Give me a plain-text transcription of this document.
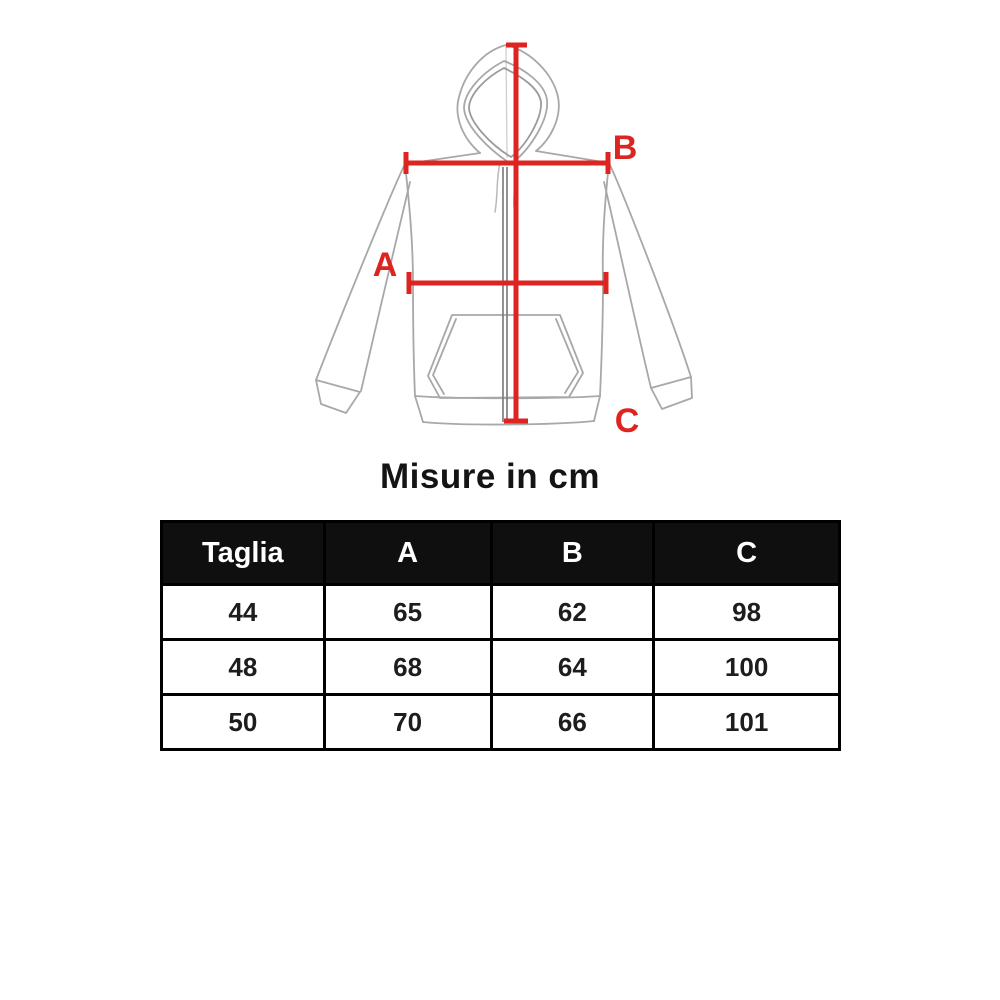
A
B
C
Misure in cm
Taglia	A	B	C
44	65	62	98
48	68	64	100
50	70	66	101
